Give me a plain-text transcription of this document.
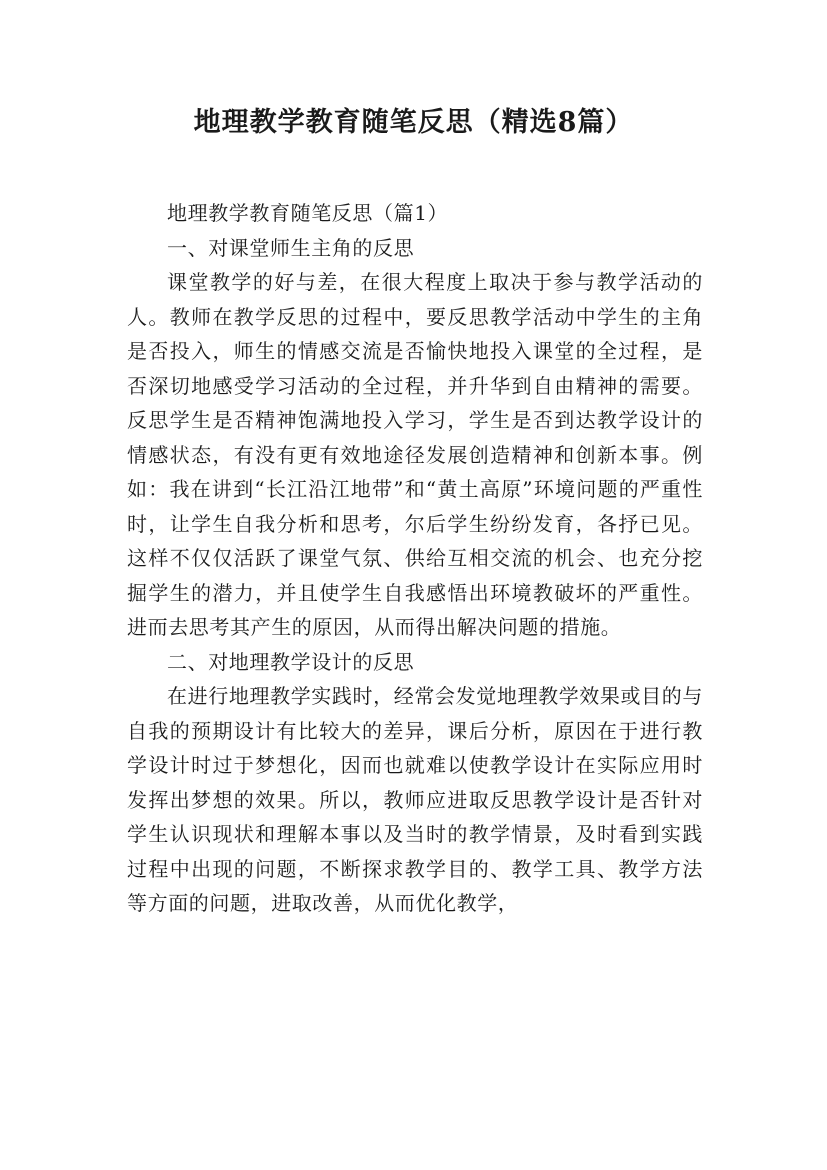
地理教学教育随笔反思（精选8篇）

地理教学教育随笔反思（篇1）

一、对课堂师生主角的反思

课堂教学的好与差，在很大程度上取决于参与教学活动的人。教师在教学反思的过程中，要反思教学活动中学生的主角是否投入，师生的情感交流是否愉快地投入课堂的全过程，是否深切地感受学习活动的全过程，并升华到自由精神的需要。反思学生是否精神饱满地投入学习，学生是否到达教学设计的情感状态，有没有更有效地途径发展创造精神和创新本事。例如：我在讲到“长江沿江地带”和“黄土高原”环境问题的严重性时，让学生自我分析和思考，尔后学生纷纷发育，各抒已见。这样不仅仅活跃了课堂气氛、供给互相交流的机会、也充分挖掘学生的潜力，并且使学生自我感悟出环境教破坏的严重性。进而去思考其产生的原因，从而得出解决问题的措施。

二、对地理教学设计的反思

在进行地理教学实践时，经常会发觉地理教学效果或目的与自我的预期设计有比较大的差异，课后分析，原因在于进行教学设计时过于梦想化，因而也就难以使教学设计在实际应用时发挥出梦想的效果。所以，教师应进取反思教学设计是否针对学生认识现状和理解本事以及当时的教学情景，及时看到实践过程中出现的问题，不断探求教学目的、教学工具、教学方法等方面的问题，进取改善，从而优化教学，
